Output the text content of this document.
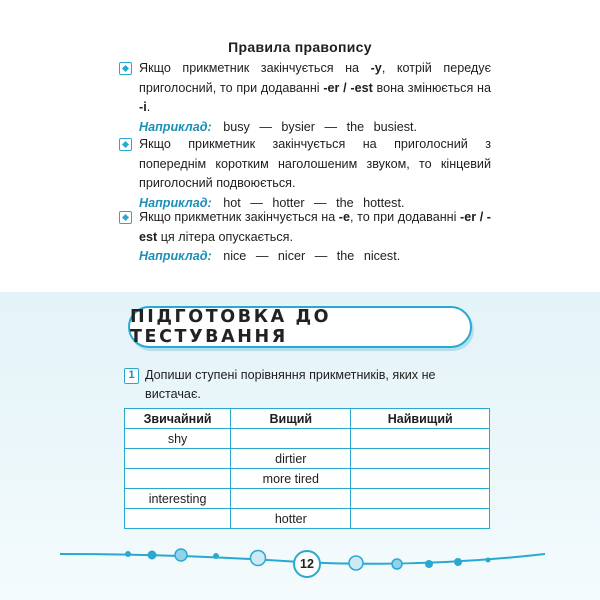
Правила правопису
Якщо прикметник закінчується на -y, котрій передує приголосний, то при додаванні -er / -est вона змінюється на -i.
Наприклад: busy — bysier — the busiest.
Якщо прикметник закінчується на приголосний з попереднім коротким наголошеним звуком, то кінцевий приголосний подвоюється.
Наприклад: hot — hotter — the hottest.
Якщо прикметник закінчується на -e, то при додаванні -er / -est ця літера опускається.
Наприклад: nice — nicer — the nicest.
ПІДГОТОВКА ДО ТЕСТУВАННЯ
1 Допиши ступені порівняння прикметників, яких не вистачає.
Звичайний	Вищий	Найвищий
shy		
	dirtier	
	more tired	
interesting		
	hotter	
12
